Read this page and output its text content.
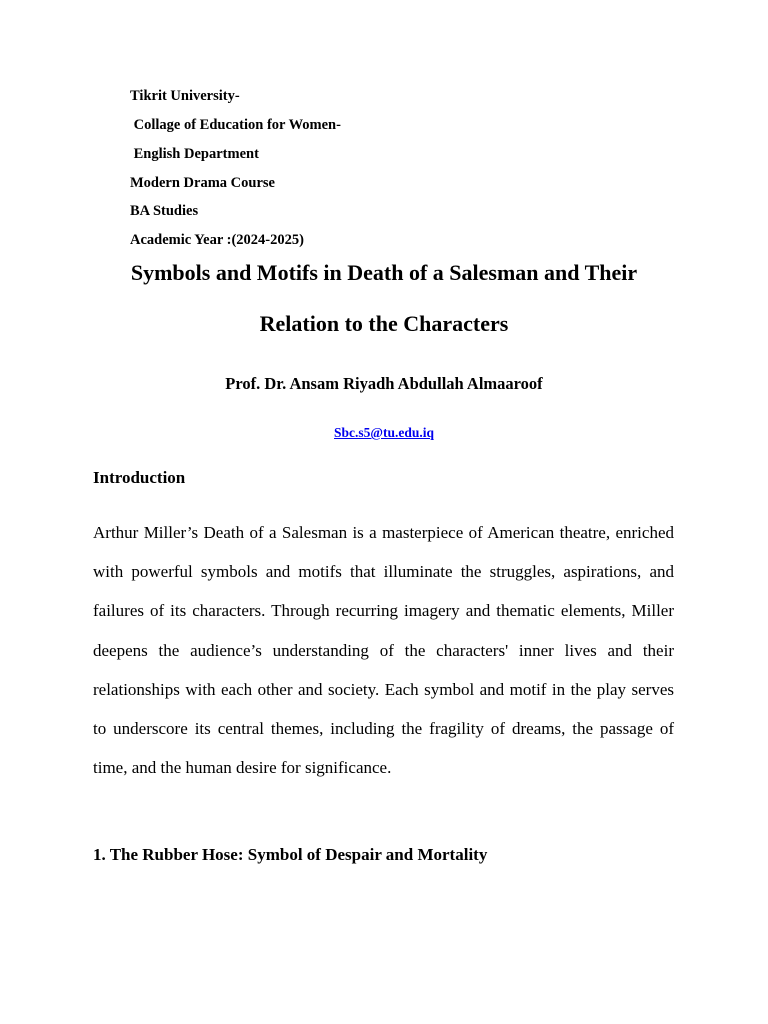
Tikrit University-
Collage of Education for Women-
English Department
Modern Drama Course
BA Studies
Academic Year :(2024-2025)
Symbols and Motifs in Death of a Salesman and Their
Relation to the Characters
Prof. Dr. Ansam Riyadh Abdullah Almaaroof
Sbc.s5@tu.edu.iq
Introduction

Arthur Miller’s Death of a Salesman is a masterpiece of American theatre, enriched with powerful symbols and motifs that illuminate the struggles, aspirations, and failures of its characters. Through recurring imagery and thematic elements, Miller deepens the audience’s understanding of the characters' inner lives and their relationships with each other and society. Each symbol and motif in the play serves to underscore its central themes, including the fragility of dreams, the passage of time, and the human desire for significance.

1. The Rubber Hose: Symbol of Despair and Mortality
